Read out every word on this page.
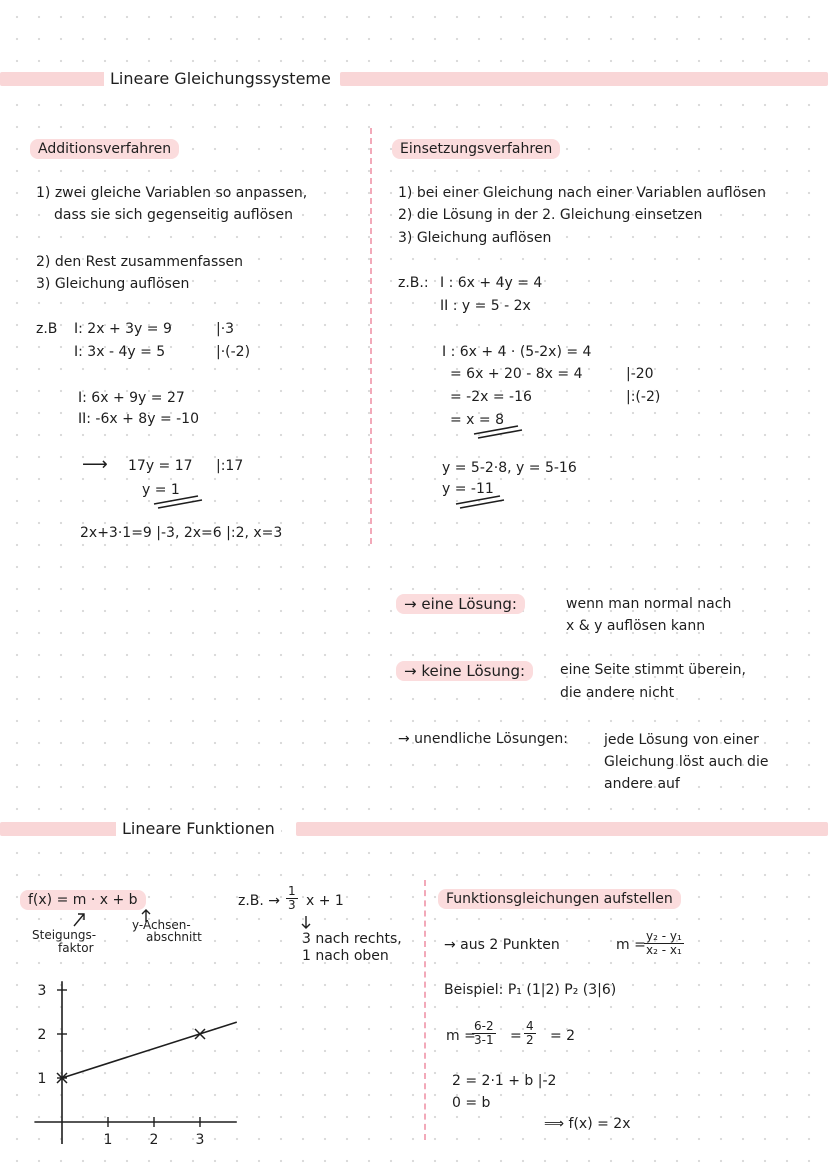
Lineare Gleichungssysteme
Additionsverfahren
1) zwei gleiche Variablen so anpassen,
dass sie sich gegenseitig auflösen
2) den Rest zusammenfassen
3) Gleichung auflösen
z.B I: 2x + 3y = 9	|·3
I: 3x - 4y = 5	|·(-2)
I: 6x + 9y = 27
II: -6x + 8y = -10
⟶ 17y = 17 |:17
y = 1
2x+3·1=9 |-3, 2x=6 |:2, x=3
Einsetzungsverfahren
1) bei einer Gleichung nach einer Variablen auflösen
2) die Lösung in der 2. Gleichung einsetzen
3) Gleichung auflösen
z.B.: I : 6x + 4y = 4
II : y = 5 - 2x
I : 6x + 4 · (5-2x) = 4
= 6x + 20 - 8x = 4	|-20
= -2x = -16	|:(-2)
= x = 8
y = 5-2·8, y = 5-16
y = -11
→ eine Lösung:	wenn man normal nach
x & y auflösen kann
→ keine Lösung:	eine Seite stimmt überein,
die andere nicht
→ unendliche Lösungen:	jede Lösung von einer
Gleichung löst auch die
andere auf
Lineare Funktionen
f(x) = m · x + b
Steigungs-
faktor
y-Achsen-
abschnitt
z.B. → $\frac{1}{3}$ x + 1
3 nach rechts,
1 nach oben
1	2	3
1
2
3
Funktionsgleichungen aufstellen
→ aus 2 Punkten	m =
$\frac{\text{y₂ - y₁}}{\text{x₂ - x₁}}$
Beispiel: P₁ (1|2) P₂ (3|6)
m =
$\frac{6-2}{3-1} = \frac{4}{2} = 2$
2 = 2·1 + b |-2
0 = b
⟹ f(x) = 2x
